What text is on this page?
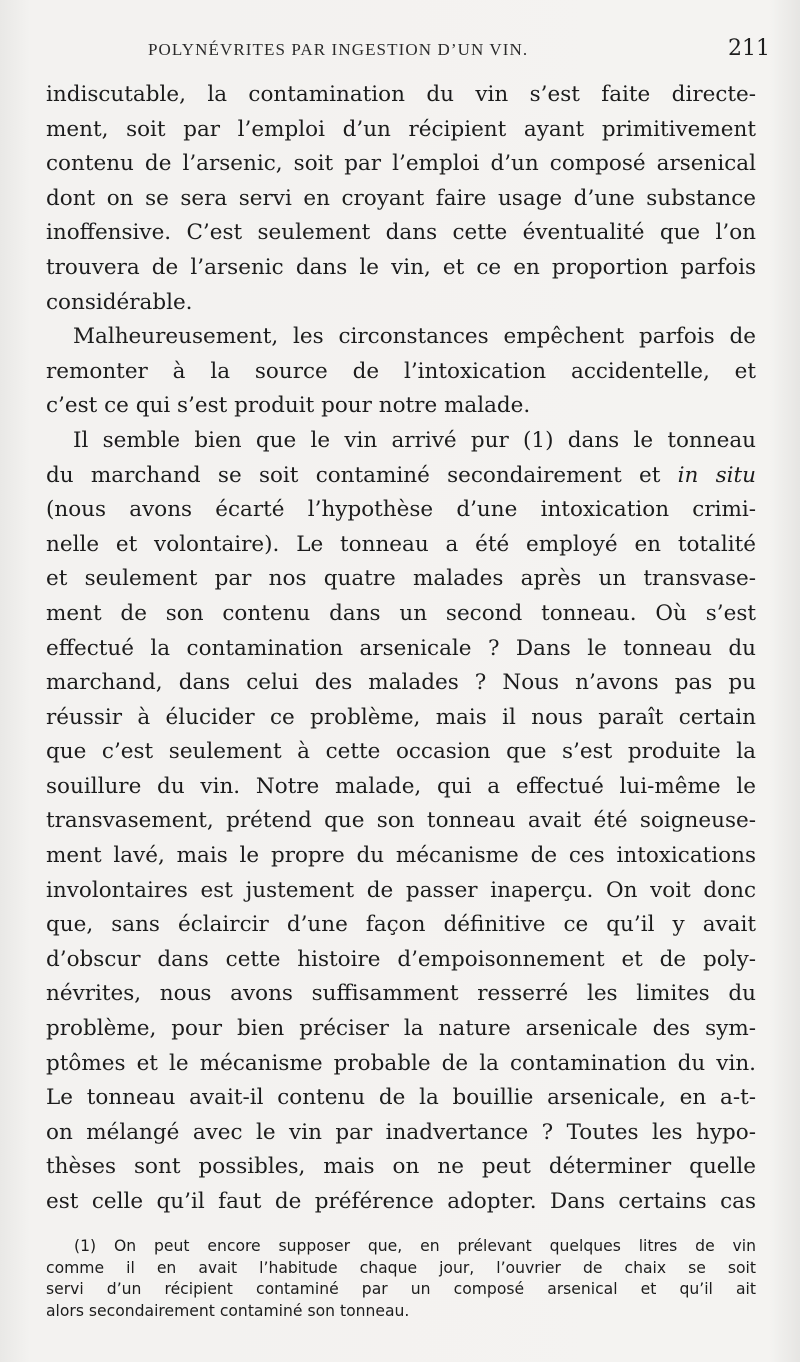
POLYNÉVRITES PAR INGESTION D’UN VIN.	211
indiscutable, la contamination du vin s’est faite directe-
ment, soit par l’emploi d’un récipient ayant primitivement
contenu de l’arsenic, soit par l’emploi d’un composé arsenical
dont on se sera servi en croyant faire usage d’une substance
inoffensive. C’est seulement dans cette éventualité que l’on
trouvera de l’arsenic dans le vin, et ce en proportion parfois
considérable.
Malheureusement, les circonstances empêchent parfois de
remonter à la source de l’intoxication accidentelle, et
c’est ce qui s’est produit pour notre malade.
Il semble bien que le vin arrivé pur (1) dans le tonneau
du marchand se soit contaminé secondairement et in situ
(nous avons écarté l’hypothèse d’une intoxication crimi-
nelle et volontaire). Le tonneau a été employé en totalité
et seulement par nos quatre malades après un transvase-
ment de son contenu dans un second tonneau. Où s’est
effectué la contamination arsenicale ? Dans le tonneau du
marchand, dans celui des malades ? Nous n’avons pas pu
réussir à élucider ce problème, mais il nous paraît certain
que c’est seulement à cette occasion que s’est produite la
souillure du vin. Notre malade, qui a effectué lui-même le
transvasement, prétend que son tonneau avait été soigneuse-
ment lavé, mais le propre du mécanisme de ces intoxications
involontaires est justement de passer inaperçu. On voit donc
que, sans éclaircir d’une façon définitive ce qu’il y avait
d’obscur dans cette histoire d’empoisonnement et de poly-
névrites, nous avons suffisamment resserré les limites du
problème, pour bien préciser la nature arsenicale des sym-
ptômes et le mécanisme probable de la contamination du vin.
Le tonneau avait-il contenu de la bouillie arsenicale, en a-t-
on mélangé avec le vin par inadvertance ? Toutes les hypo-
thèses sont possibles, mais on ne peut déterminer quelle
est celle qu’il faut de préférence adopter. Dans certains cas
(1) On peut encore supposer que, en prélevant quelques litres de vin
comme il en avait l’habitude chaque jour, l’ouvrier de chaix se soit
servi d’un récipient contaminé par un composé arsenical et qu’il ait
alors secondairement contaminé son tonneau.
